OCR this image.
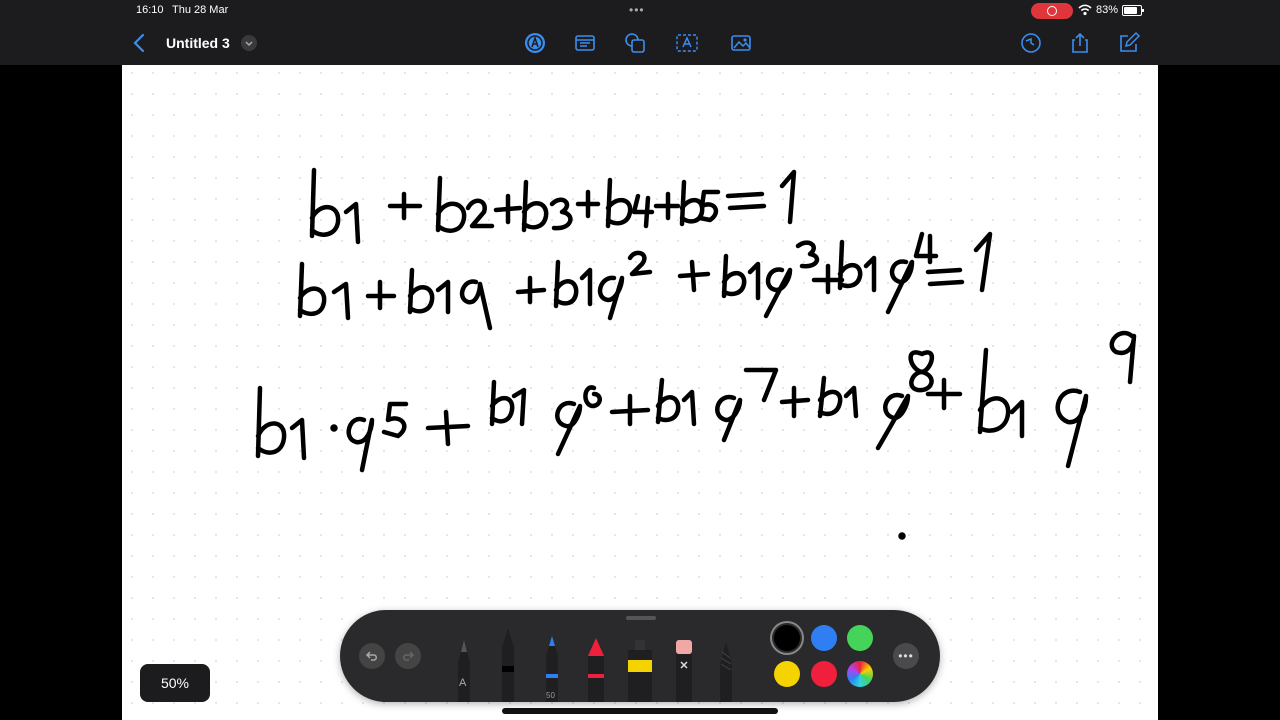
16:10 Thu 28 Mar	•••	83%
Untitled 3
50%	A
50
•••
